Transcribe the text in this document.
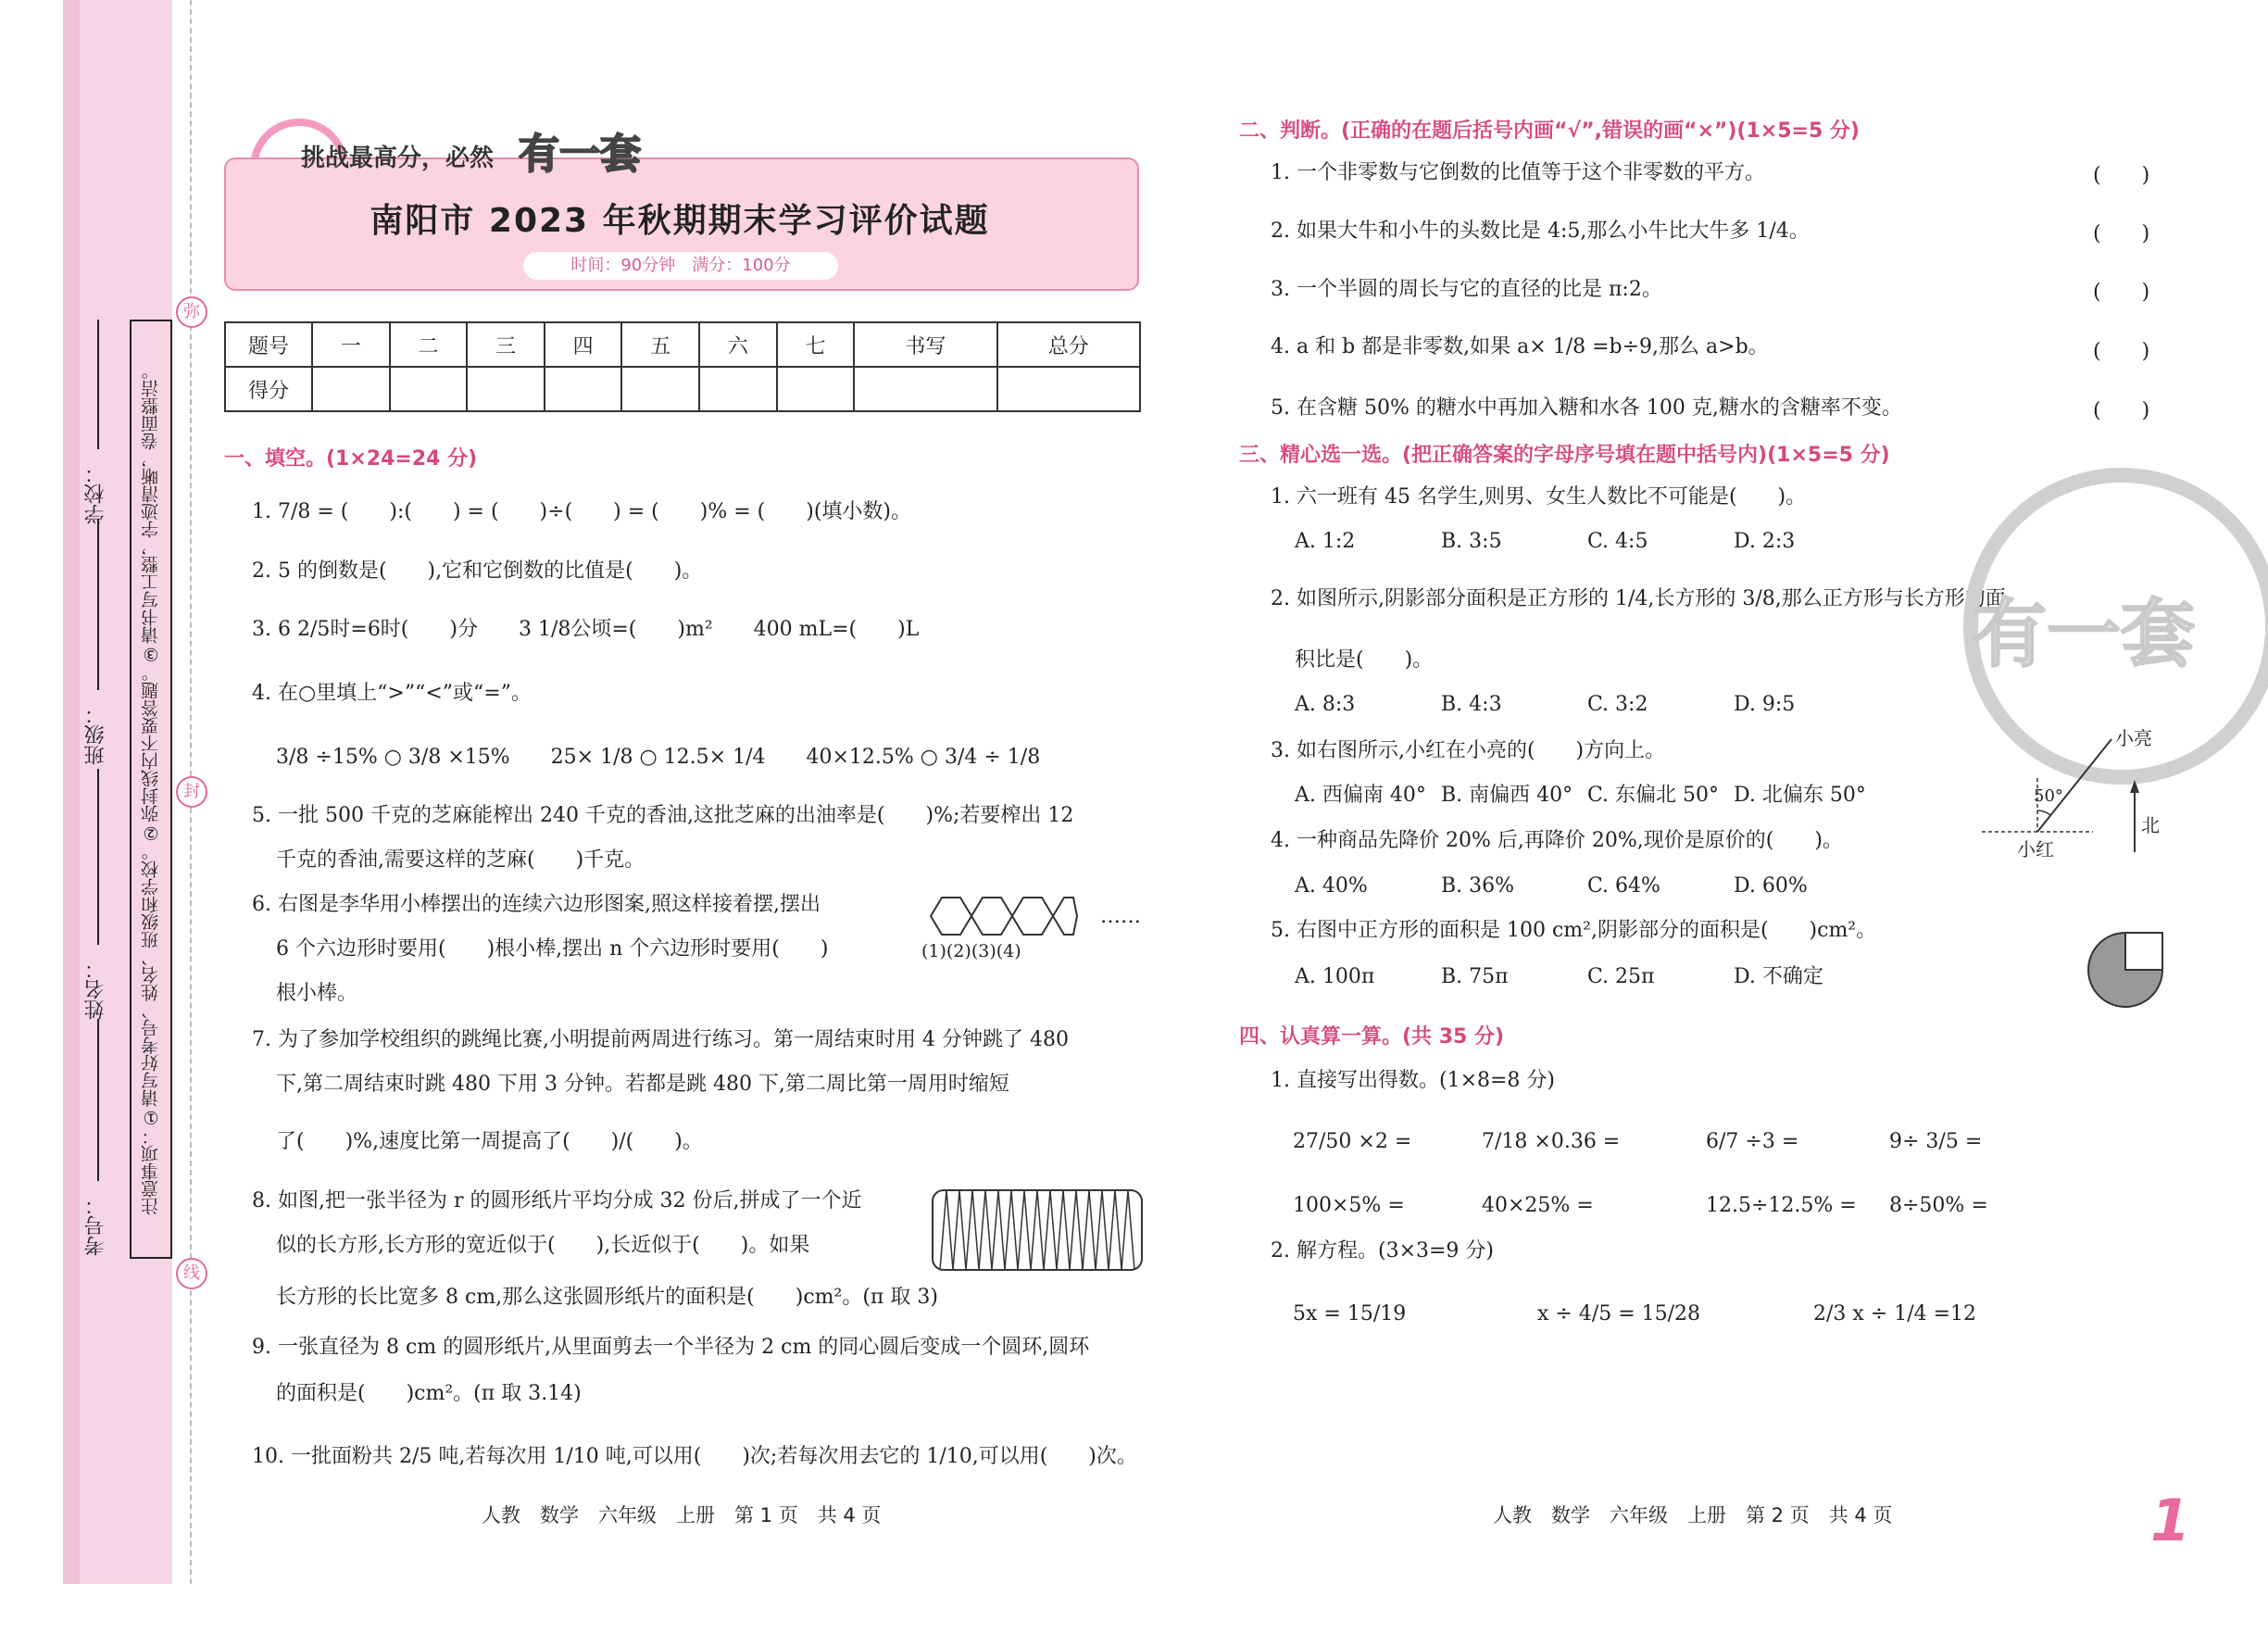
弥
封
线
考号：
姓名：
班级：
学校：	注意事项：①请写好考号、姓名、班级和学校。②弥封线内不要答题。③请书写工整，字迹清晰，卷面整洁。
挑战最高分，必然 有一套
南阳市 2023 年秋期期末学习评价试题
时间：90分钟　满分：100分
题号	一	二	三	四	五	六	七	书写	总分
得分									
一、填空。(1×24=24 分)
1. 7/8 = (　　):(　　) = (　　)÷(　　) = (　　)% = (　　)(填小数)。
2. 5 的倒数是(　　),它和它倒数的比值是(　　)。
3. 6 2/5时=6时(　　)分　　3 1/8公顷=(　　)m²　　400 mL=(　　)L
4. 在○里填上“>”“<”或“=”。
3/8 ÷15% ○ 3/8 ×15%　　25× 1/8 ○ 12.5× 1/4　　40×12.5% ○ 3/4 ÷ 1/8
5. 一批 500 千克的芝麻能榨出 240 千克的香油,这批芝麻的出油率是(　　)%;若要榨出 12
千克的香油,需要这样的芝麻(　　)千克。
6. 右图是李华用小棒摆出的连续六边形图案,照这样接着摆,摆出
6 个六边形时要用(　　)根小棒,摆出 n 个六边形时要用(　　)
根小棒。
(1)(2)(3)(4)
……
7. 为了参加学校组织的跳绳比赛,小明提前两周进行练习。第一周结束时用 4 分钟跳了 480
下,第二周结束时跳 480 下用 3 分钟。若都是跳 480 下,第二周比第一周用时缩短
了(　　)%,速度比第一周提高了(　　)/(　　)。
8. 如图,把一张半径为 r 的圆形纸片平均分成 32 份后,拼成了一个近
似的长方形,长方形的宽近似于(　　),长近似于(　　)。如果
长方形的长比宽多 8 cm,那么这张圆形纸片的面积是(　　)cm²。(π 取 3)
9. 一张直径为 8 cm 的圆形纸片,从里面剪去一个半径为 2 cm 的同心圆后变成一个圆环,圆环
的面积是(　　)cm²。(π 取 3.14)
10. 一批面粉共 2/5 吨,若每次用 1/10 吨,可以用(　　)次;若每次用去它的 1/10,可以用(　　)次。
人教　数学　六年级　上册　第 1 页　共 4 页
二、判断。(正确的在题后括号内画“√”,错误的画“×”)(1×5=5 分)
1. 一个非零数与它倒数的比值等于这个非零数的平方。
2. 如果大牛和小牛的头数比是 4:5,那么小牛比大牛多 1/4。
3. 一个半圆的周长与它的直径的比是 π:2。
4. a 和 b 都是非零数,如果 a× 1/8 =b÷9,那么 a>b。
5. 在含糖 50% 的糖水中再加入糖和水各 100 克,糖水的含糖率不变。
(　　)
(　　)
(　　)
(　　)
(　　)
三、精心选一选。(把正确答案的字母序号填在题中括号内)(1×5=5 分)
1. 六一班有 45 名学生,则男、女生人数比不可能是(　　)。
A. 1:2	B. 3:5	C. 4:5	D. 2:3
2. 如图所示,阴影部分面积是正方形的 1/4,长方形的 3/8,那么正方形与长方形的面
积比是(　　)。
A. 8:3	B. 4:3	C. 3:2	D. 9:5
3. 如右图所示,小红在小亮的(　　)方向上。
A. 西偏南 40° B. 南偏西 40° C. 东偏北 50° D. 北偏东 50°
4. 一种商品先降价 20% 后,再降价 20%,现价是原价的(　　)。
A. 40%	B. 36%	C. 64%	D. 60%
5. 右图中正方形的面积是 100 cm²,阴影部分的面积是(　　)cm²。
A. 100π	B. 75π	C. 25π	D. 不确定
有一套
小亮
小红
北
50°
四、认真算一算。(共 35 分)
1. 直接写出得数。(1×8=8 分)
27/50 ×2 =	7/18 ×0.36 =	6/7 ÷3 =	9÷ 3/5 =
100×5% =	40×25% =	12.5÷12.5% = 8÷50% =
2. 解方程。(3×3=9 分)
5x = 15/19	x ÷ 4/5 = 15/28	2/3 x ÷ 1/4 =12
人教　数学　六年级　上册　第 2 页　共 4 页	1
